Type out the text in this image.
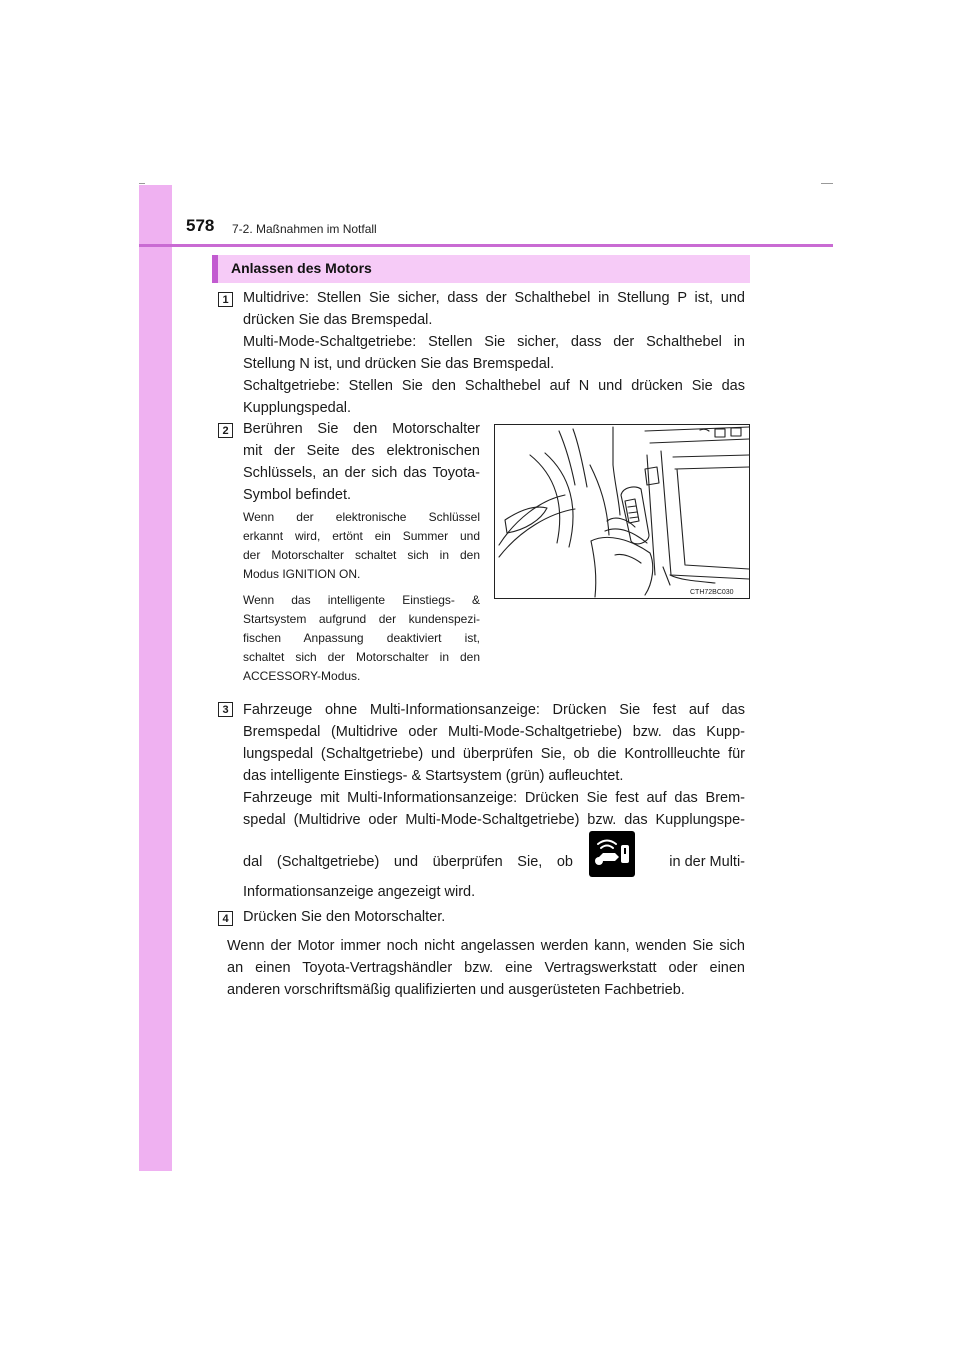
578 7-2. Maßnahmen im Notfall
Anlassen des Motors
1 Multidrive: Stellen Sie sicher, dass der Schalthebel in Stellung P ist, und
drücken Sie das Bremspedal.
Multi-Mode-Schaltgetriebe: Stellen Sie sicher, dass der Schalthebel in
Stellung N ist, und drücken Sie das Bremspedal.
Schaltgetriebe: Stellen Sie den Schalthebel auf N und drücken Sie das
Kupplungspedal.
2 Berühren Sie den Motorschalter
mit der Seite des elektronischen
Schlüssels, an der sich das Toyota-
Symbol befindet.
Wenn der elektronische Schlüssel
erkannt wird, ertönt ein Summer und
der Motorschalter schaltet sich in den
Modus IGNITION ON.
Wenn das intelligente Einstiegs- &
Startsystem aufgrund der kundenspezi-
fischen Anpassung deaktiviert ist,
schaltet sich der Motorschalter in den
ACCESSORY-Modus.
CTH72BC030
3 Fahrzeuge ohne Multi-Informationsanzeige: Drücken Sie fest auf das
Bremspedal (Multidrive oder Multi-Mode-Schaltgetriebe) bzw. das Kupp-
lungspedal (Schaltgetriebe) und überprüfen Sie, ob die Kontrollleuchte für
das intelligente Einstiegs- & Startsystem (grün) aufleuchtet.
Fahrzeuge mit Multi-Informationsanzeige: Drücken Sie fest auf das Brem-
spedal (Multidrive oder Multi-Mode-Schaltgetriebe) bzw. das Kupplungspe-
dal (Schaltgetriebe) und überprüfen Sie, ob	in der Multi-
Informationsanzeige angezeigt wird.
4 Drücken Sie den Motorschalter.
Wenn der Motor immer noch nicht angelassen werden kann, wenden Sie sich
an einen Toyota-Vertragshändler bzw. eine Vertragswerkstatt oder einen
anderen vorschriftsmäßig qualifizierten und ausgerüsteten Fachbetrieb.
